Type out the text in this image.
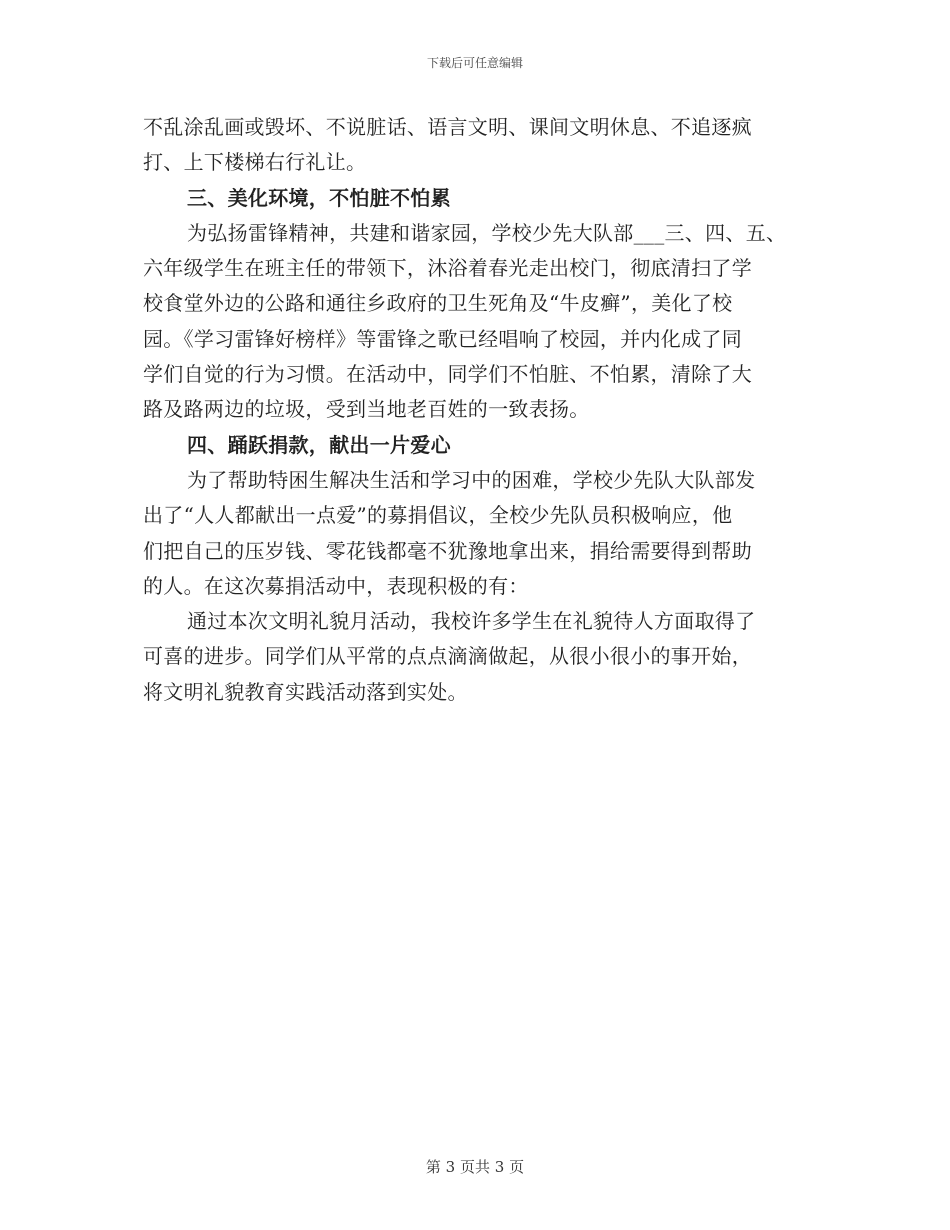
下载后可任意编辑
不乱涂乱画或毁坏、不说脏话、语言文明、课间文明休息、不追逐疯
打、上下楼梯右行礼让。
三、美化环境，不怕脏不怕累
为弘扬雷锋精神，共建和谐家园，学校少先大队部___三、四、五、
六年级学生在班主任的带领下，沐浴着春光走出校门，彻底清扫了学
校食堂外边的公路和通往乡政府的卫生死角及“牛皮癣”，美化了校
园。《学习雷锋好榜样》等雷锋之歌已经唱响了校园，并内化成了同
学们自觉的行为习惯。在活动中，同学们不怕脏、不怕累，清除了大
路及路两边的垃圾，受到当地老百姓的一致表扬。
四、踊跃捐款，献出一片爱心
为了帮助特困生解决生活和学习中的困难，学校少先队大队部发
出了“人人都献出一点爱”的募捐倡议，全校少先队员积极响应，他
们把自己的压岁钱、零花钱都毫不犹豫地拿出来，捐给需要得到帮助
的人。在这次募捐活动中，表现积极的有：
通过本次文明礼貌月活动，我校许多学生在礼貌待人方面取得了
可喜的进步。同学们从平常的点点滴滴做起，从很小很小的事开始，
将文明礼貌教育实践活动落到实处。
第 3 页共 3 页
